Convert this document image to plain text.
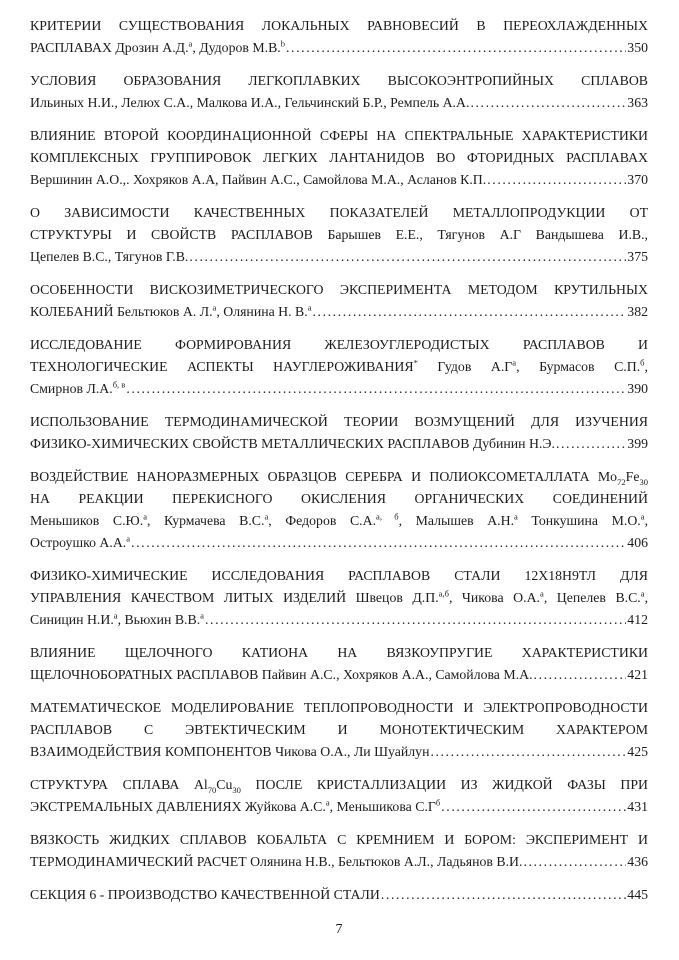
КРИТЕРИИ СУЩЕСТВОВАНИЯ ЛОКАЛЬНЫХ РАВНОВЕСИЙ В ПЕРЕОХЛАЖДЕННЫХ
РАСПЛАВАХ Дрозин А.Д.$^a$, Дудоров М.В.$^b$ .....	350
УСЛОВИЯ ОБРАЗОВАНИЯ ЛЕГКОПЛАВКИХ ВЫСОКОЭНТРОПИЙНЫХ СПЛАВОВ
Ильиных Н.И., Лелюх С.А., Малкова И.А., Гельчинский Б.Р., Ремпель А.А. .....	363
ВЛИЯНИЕ ВТОРОЙ КООРДИНАЦИОННОЙ СФЕРЫ НА СПЕКТРАЛЬНЫЕ ХАРАКТЕРИСТИКИ
КОМПЛЕКСНЫХ ГРУППИРОВОК ЛЕГКИХ ЛАНТАНИДОВ ВО ФТОРИДНЫХ РАСПЛАВАХ
Вершинин А.О.,. Хохряков А.А, Пайвин А.С., Самойлова М.А., Асланов К.П. .....	370
О ЗАВИСИМОСТИ КАЧЕСТВЕННЫХ ПОКАЗАТЕЛЕЙ МЕТАЛЛОПРОДУКЦИИ ОТ
СТРУКТУРЫ И СВОЙСТВ РАСПЛАВОВ Барышев Е.Е., Тягунов А.Г Вандышева И.В.,
Цепелев В.С., Тягунов Г.В. .....	375
ОСОБЕННОСТИ ВИСКОЗИМЕТРИЧЕСКОГО ЭКСПЕРИМЕНТА МЕТОДОМ КРУТИЛЬНЫХ
КОЛЕБАНИЙ Бельтюков А. Л.$^а$, Олянина Н. В.$^а$ .....	382
ИССЛЕДОВАНИЕ ФОРМИРОВАНИЯ ЖЕЛЕЗОУГЛЕРОДИСТЫХ РАСПЛАВОВ И
ТЕХНОЛОГИЧЕСКИЕ АСПЕКТЫ НАУГЛЕРОЖИВАНИЯ* Гудов $А.Г^а$, Бурмасов С.П.$^б$,
Смирнов Л.А.$^{б, в}$ .....	390
ИСПОЛЬЗОВАНИЕ ТЕРМОДИНАМИЧЕСКОЙ ТЕОРИИ ВОЗМУЩЕНИЙ ДЛЯ ИЗУЧЕНИЯ
ФИЗИКО-ХИМИЧЕСКИХ СВОЙСТВ МЕТАЛЛИЧЕСКИХ РАСПЛАВОВ Дубинин Н.Э. .....	399
ВОЗДЕЙСТВИЕ НАНОРАЗМЕРНЫХ ОБРАЗЦОВ СЕРЕБРА И ПОЛИОКСОМЕТАЛЛАТА $Mo_{72}Fe_{30}$
НА РЕАКЦИИ ПЕРЕКИСНОГО ОКИСЛЕНИЯ ОРГАНИЧЕСКИХ СОЕДИНЕНИЙ
Меньшиков С.Ю.$^а$, Курмачева В.С.$^а$, Федоров С.А.$^{а, б}$, Малышев А.Н.$^а$ Тонкушина М.О.$^а$,
Остроушко А.А.$^а$ .....	406
ФИЗИКО-ХИМИЧЕСКИЕ ИССЛЕДОВАНИЯ РАСПЛАВОВ СТАЛИ 12Х18Н9ТЛ ДЛЯ
УПРАВЛЕНИЯ КАЧЕСТВОМ ЛИТЫХ ИЗДЕЛИЙ Швецов Д.П.$^{а,б}$, Чикова О.А.$^а$, Цепелев В.С.$^а$,
Синицин Н.И.$^а$, Вьюхин В.В.$^а$ .....	412
ВЛИЯНИЕ ЩЕЛОЧНОГО КАТИОНА НА ВЯЗКОУПРУГИЕ ХАРАКТЕРИСТИКИ
ЩЕЛОЧНОБОРАТНЫХ РАСПЛАВОВ Пайвин А.С., Хохряков А.А., Самойлова М.А. .....	421
МАТЕМАТИЧЕСКОЕ МОДЕЛИРОВАНИЕ ТЕПЛОПРОВОДНОСТИ И ЭЛЕКТРОПРОВОДНОСТИ
РАСПЛАВОВ С ЭВТЕКТИЧЕСКИМ И МОНОТЕКТИЧЕСКИМ ХАРАКТЕРОМ
ВЗАИМОДЕЙСТВИЯ КОМПОНЕНТОВ Чикова О.А., Ли Шуайлун .....	425
СТРУКТУРА СПЛАВА $Al_{70}Cu_{30}$ ПОСЛЕ КРИСТАЛЛИЗАЦИИ ИЗ ЖИДКОЙ ФАЗЫ ПРИ
ЭКСТРЕМАЛЬНЫХ ДАВЛЕНИЯХ Жуйкова А.С.$^а$, Меньшикова $С.Г^б$ .....	431
ВЯЗКОСТЬ ЖИДКИХ СПЛАВОВ КОБАЛЬТА С КРЕМНИЕМ И БОРОМ: ЭКСПЕРИМЕНТ И
ТЕРМОДИНАМИЧЕСКИЙ РАСЧЕТ Олянина Н.В., Бельтюков А.Л., Ладьянов В.И. .....	436
СЕКЦИЯ 6 - ПРОИЗВОДСТВО КАЧЕСТВЕННОЙ СТАЛИ .....	445
7
